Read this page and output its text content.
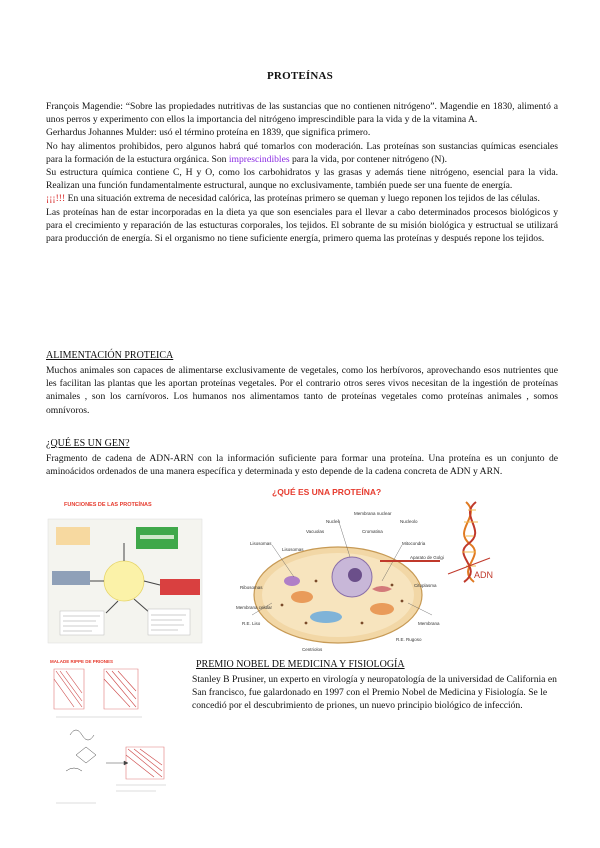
PROTEÍNAS

François Magendie: “Sobre las propiedades nutritivas de las sustancias que no contienen nitrógeno”. Magendie en 1830, alimentó a unos perros y experimento con ellos la importancia del nitrógeno imprescindible para la vida y de la vitamina A.

Gerhardus Johannes Mulder: usó el término proteína en 1839, que significa primero.

No hay alimentos prohibidos, pero algunos habrá qué tomarlos con moderación. Las proteínas son sustancias químicas esenciales para la formación de la estuctura orgánica. Son imprescindibles para la vida, por contener nitrógeno (N).

Su estructura química contiene C, H y O, como los carbohidratos y las grasas y además tiene nitrógeno, esencial para la vida. Realizan una función fundamentalmente estructural, aunque no exclusivamente, también puede ser una fuente de energía.

¡¡¡!!! En una situación extrema de necesidad calórica, las proteínas primero se queman y luego reponen los tejidos de las células.

Las proteínas han de estar incorporadas en la dieta ya que son esenciales para el llevar a cabo determinados procesos biológicos y para el crecimiento y reparación de las estucturas corporales, los tejidos. El sobrante de su misión biológica y estructual se utilizará para producción de energía. Si el organismo no tiene suficiente energía, primero quema las proteínas y después repone los tejidos.

ALIMENTACIÓN PROTEICA
Muchos animales son capaces de alimentarse exclusivamente de vegetales, como los herbívoros, aprovechando esos nutrientes que les facilitan las plantas que les aportan proteínas vegetales. Por el contrario otros seres vivos necesitan de la ingestión de proteínas animales , son los carnívoros. Los humanos nos alimentamos tanto de proteínas vegetales como proteínas animales , somos omnívoros.
¿QUÉ ES UN GEN?
Fragmento de cadena de ADN-ARN con la información suficiente para formar una proteína. Una proteína es un conjunto de aminoácidos ordenados de una manera específica y determinada y esto depende de la cadena concreta de ADN y ARN.
FUNCIONES DE LAS PROTEÍNAS
¿QUÉ ES UNA PROTEÍNA?
Lisosomas
Membrana nuclear
Nucleolo
Vacuolas	Cromatina
Lisosomas
Mitocondria
Nucleo
Aparato de Golgi
Ribosomas	Citoplasma
Membrana celular
R.E. Liso
Centriolos
Membrana
R.E. Rugoso
ADN
MALADE RIPPE DE PRIONES	PREMIO NOBEL DE MEDICINA Y FISIOLOGÍA
Stanley B Prusiner, un experto en virología y neuropatología de la universidad de California en San francisco, fue galardonado en 1997 con el Premio Nobel de Medicina y Fisiología. Se le concedió por el descubrimiento de priones, un nuevo principio biológico de infección.
